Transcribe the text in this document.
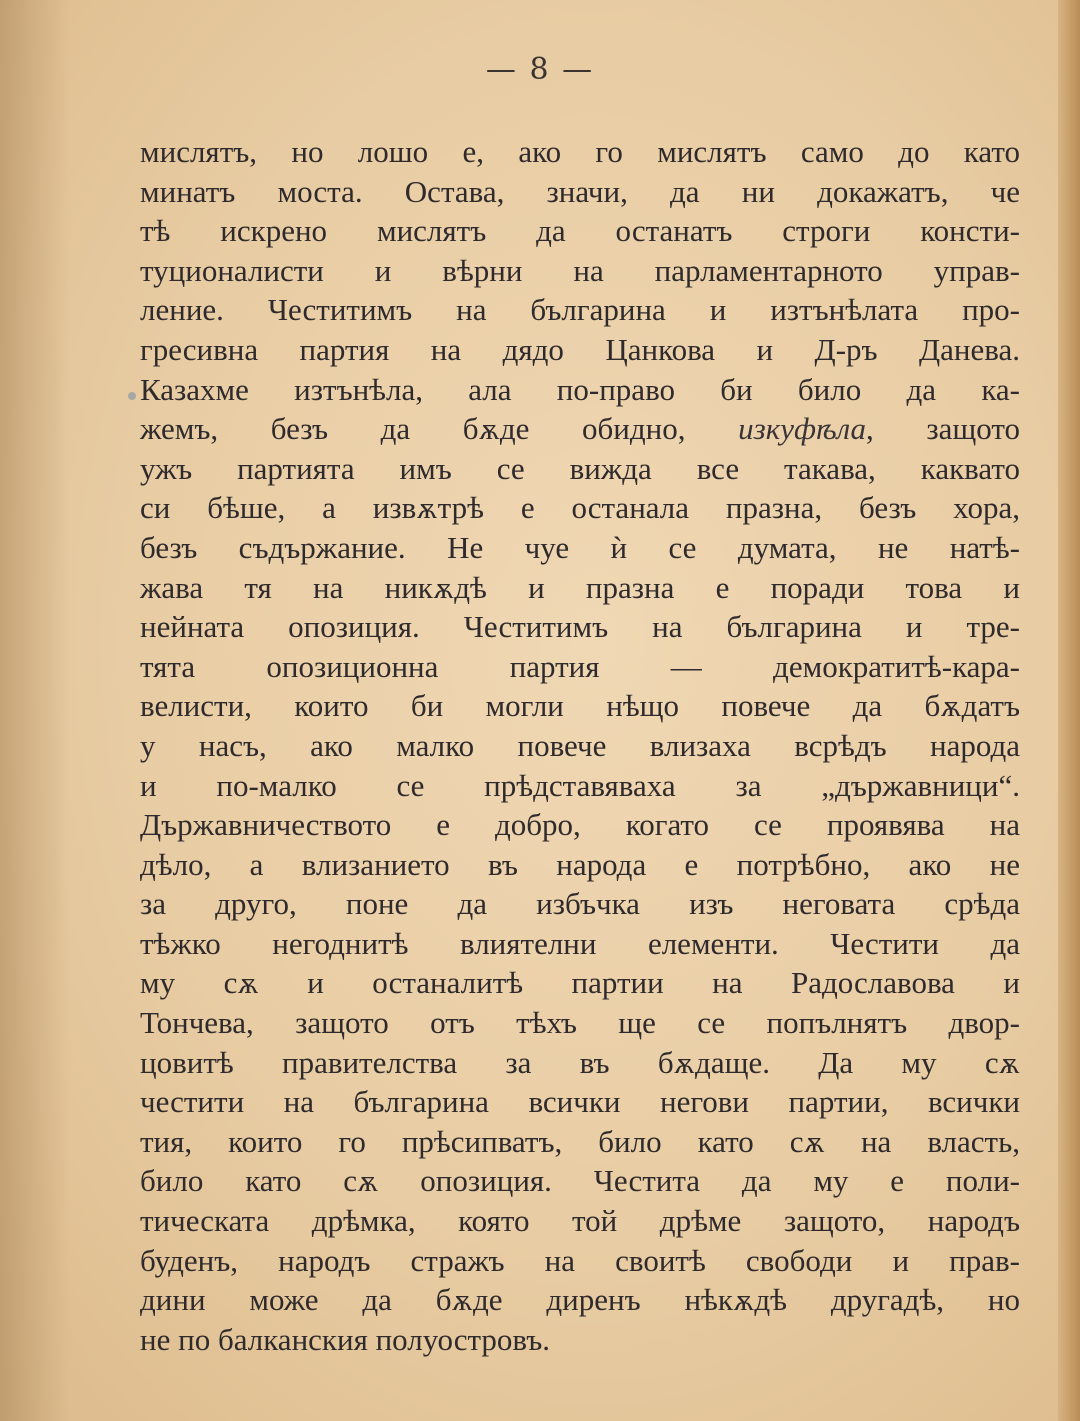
— 8 —
мислятъ, но лошо е, ако го мислятъ само до като
минатъ моста. Остава, значи, да ни докажатъ, че
тѣ искрено мислятъ да останатъ строги консти-
туционалисти и вѣрни на парламентарното управ-
ление. Честитимъ на българина и изтънѣлата про-
гресивна партия на дядо Цанкова и Д-ръ Данева.
Казахме изтънѣла, ала по-право би било да ка-
жемъ, безъ да бѫде обидно, изкуфѣла, защото
ужъ партията имъ се вижда все такава, каквато
си бѣше, а извѫтрѣ е останала празна, безъ хора,
безъ съдържание. Не чуе ѝ се думата, не натѣ-
жава тя на никѫдѣ и празна е поради това и
нейната опозиция. Честитимъ на българина и тре-
тята опозиционна партия — демократитѣ-кара-
велисти, които би могли нѣщо повече да бѫдатъ
у насъ, ако малко повече влизаха всрѣдъ народа
и по-малко се прѣдставяваха за „държавници“.
Държавничеството е добро, когато се проявява на
дѣло, а влизанието въ народа е потрѣбно, ако не
за друго, поне да избъчка изъ неговата срѣда
тѣжко негоднитѣ влиятелни елементи. Честити да
му сѫ и останалитѣ партии на Радославова и
Тончева, защото отъ тѣхъ ще се попълнятъ двор-
цовитѣ правителства за въ бѫдаще. Да му сѫ
честити на българина всички негови партии, всички
тия, които го прѣсипватъ, било като сѫ на власть,
било като сѫ опозиция. Честита да му е поли-
тическата дрѣмка, която той дрѣме защото, народъ
буденъ, народъ стражъ на своитѣ свободи и прав-
дини може да бѫде диренъ нѣкѫдѣ другадѣ, но
не по балканския полуостровъ.
